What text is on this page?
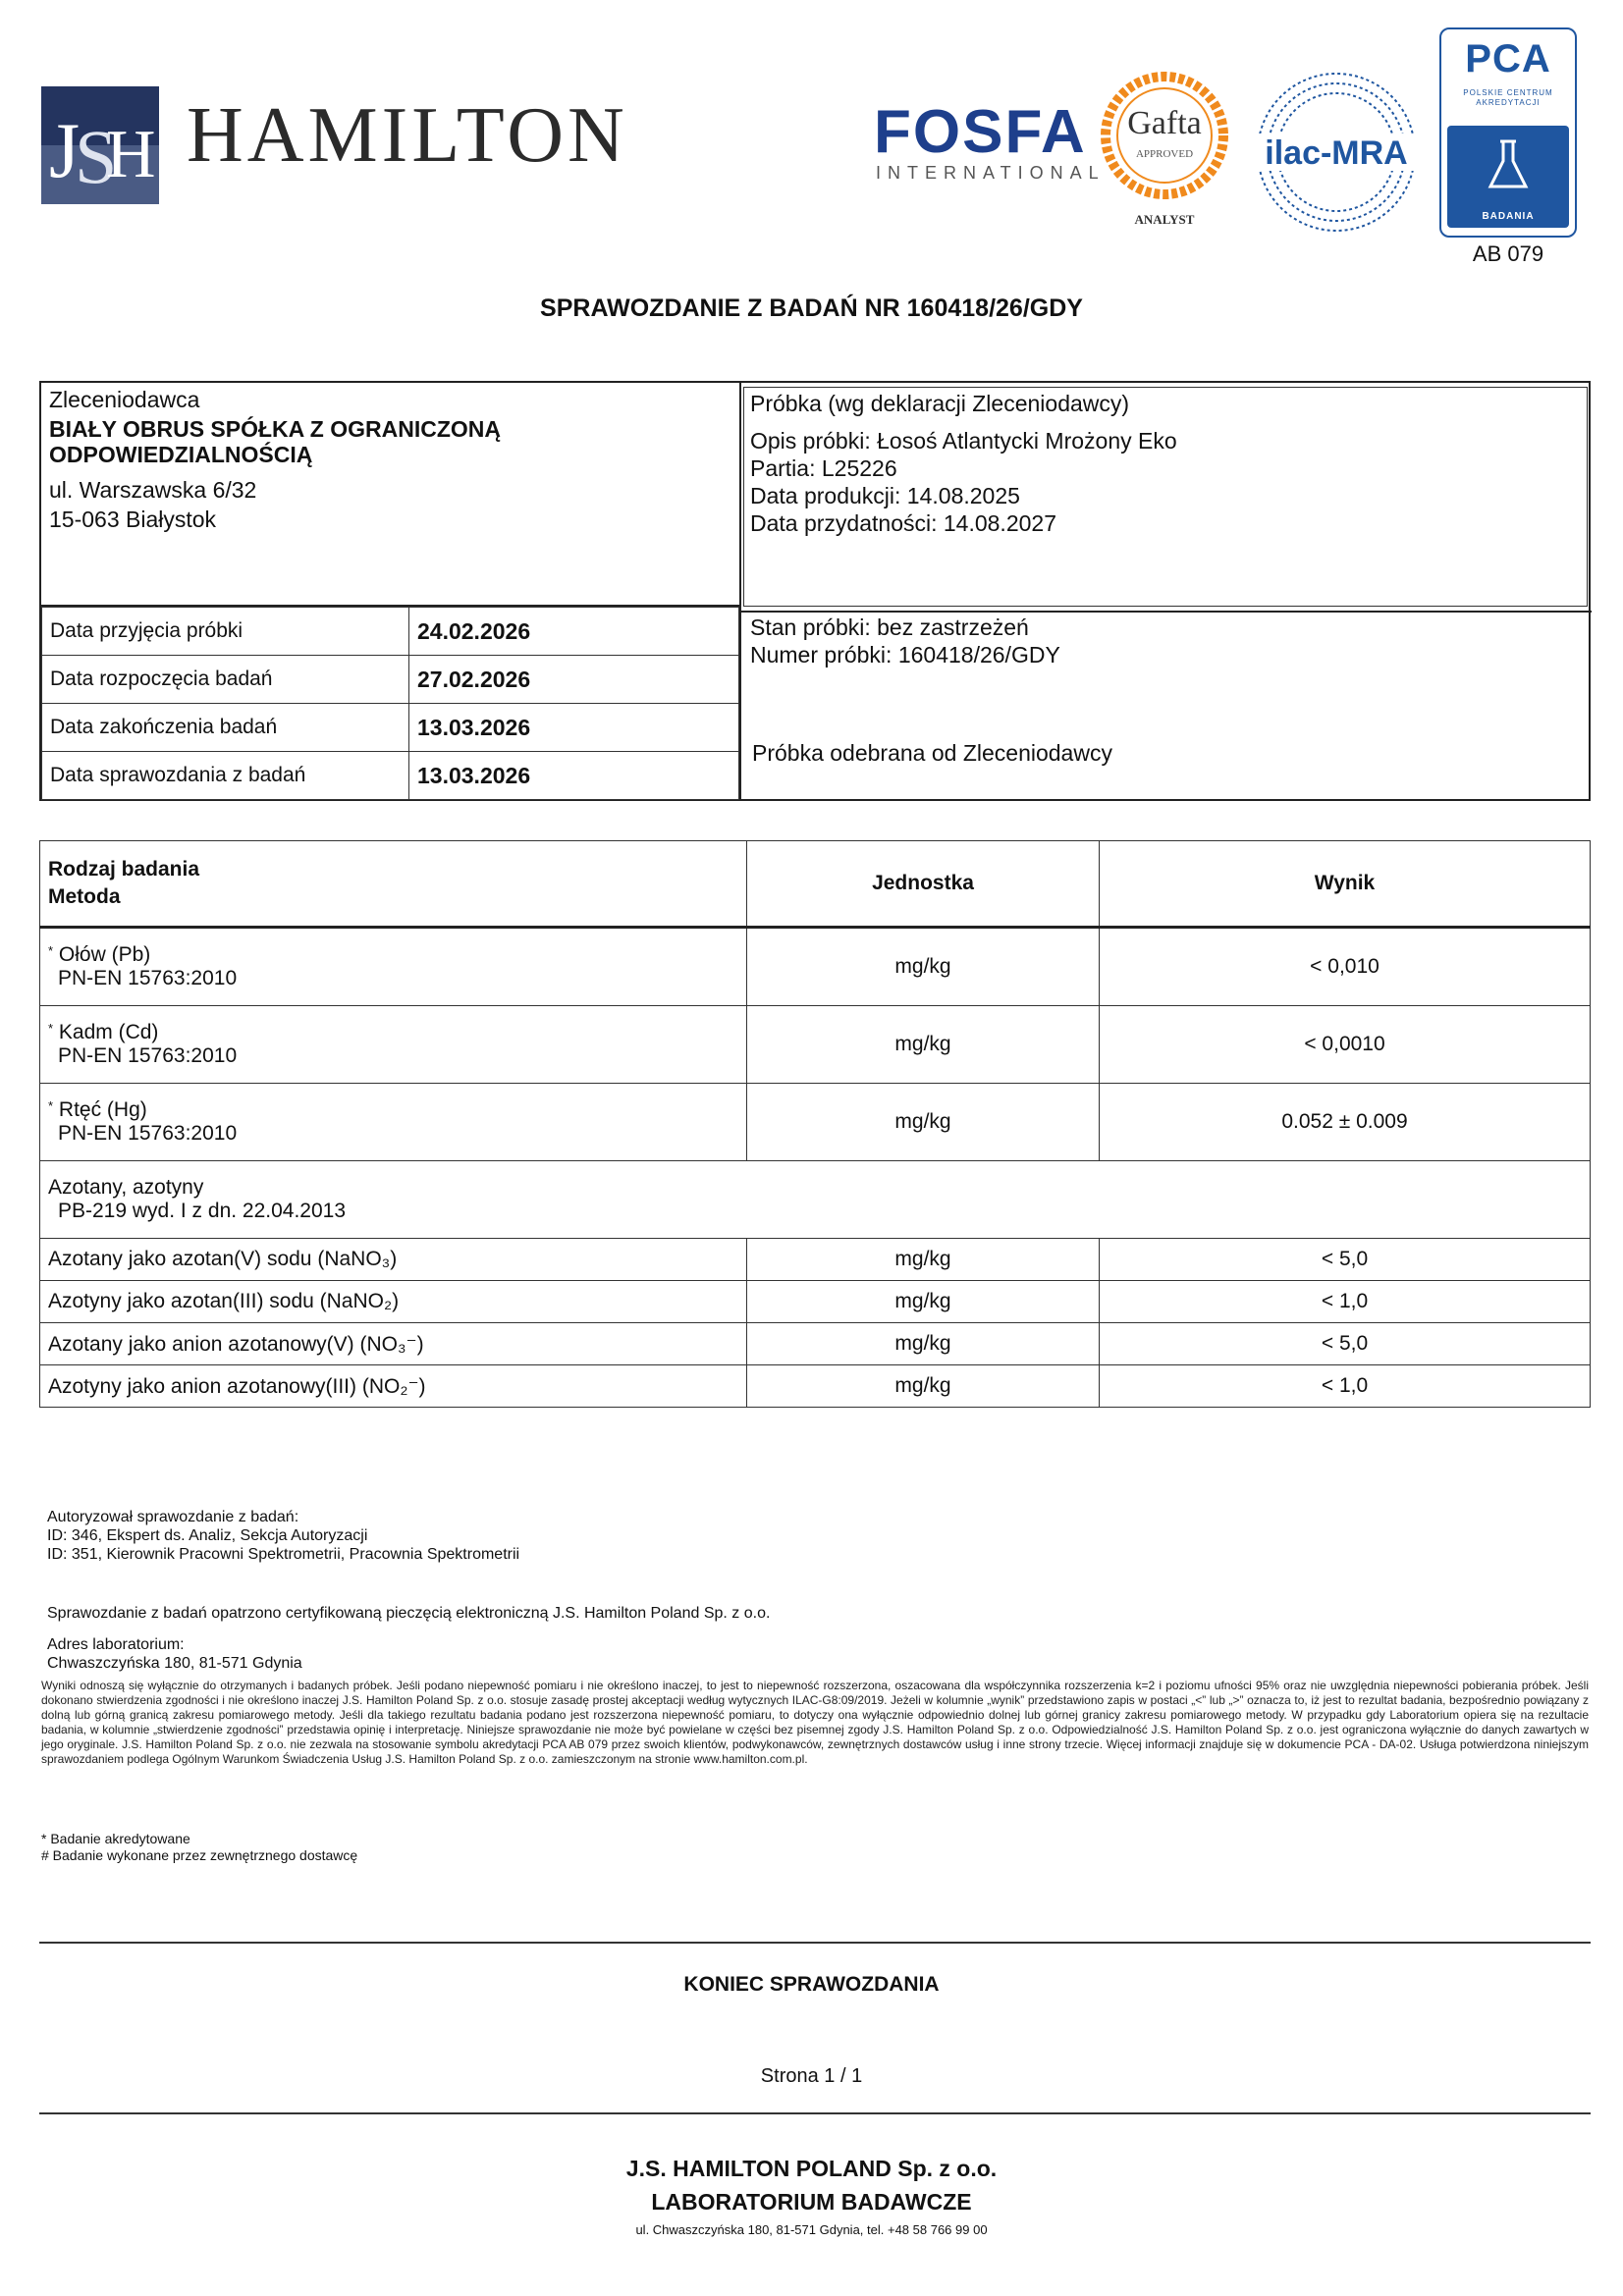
J
S
H HAMILTON	FOSFA
INTERNATIONAL
Gafta
APPROVED
ANALYST
ilac-MRA
PCA
POLSKIE CENTRUM
AKREDYTACJI
BADANIA
AB 079
SPRAWOZDANIE Z BADAŃ NR 160418/26/GDY
Zleceniodawca
BIAŁY OBRUS SPÓŁKA Z OGRANICZONĄ
ODPOWIEDZIALNOŚCIĄ
ul. Warszawska 6/32
15-063 Białystok
Próbka (wg deklaracji Zleceniodawcy)
Opis próbki: Łosoś Atlantycki Mrożony Eko
Partia: L25226
Data produkcji: 14.08.2025
Data przydatności: 14.08.2027
Stan próbki: bez zastrzeżeń
Numer próbki: 160418/26/GDY
Próbka odebrana od Zleceniodawcy
Data przyjęcia próbki	24.02.2026
Data rozpoczęcia badań	27.02.2026
Data zakończenia badań	13.03.2026
Data sprawozdania z badań	13.03.2026
Rodzaj badania
Metoda	Jednostka	Wynik
* Ołów (Pb)
PN-EN 15763:2010	mg/kg	< 0,010
* Kadm (Cd)
PN-EN 15763:2010	mg/kg	< 0,0010
* Rtęć (Hg)
PN-EN 15763:2010	mg/kg	0.052 ± 0.009
Azotany, azotyny
PB-219 wyd. I z dn. 22.04.2013		

Azotany jako azotan(V) sodu (NaNO₃)	mg/kg	< 5,0
Azotyny jako azotan(III) sodu (NaNO₂)	mg/kg	< 1,0
Azotany jako anion azotanowy(V) (NO₃⁻)	mg/kg	< 5,0
Azotyny jako anion azotanowy(III) (NO₂⁻)	mg/kg	< 1,0
Autoryzował sprawozdanie z badań:
ID: 346, Ekspert ds. Analiz, Sekcja Autoryzacji
ID: 351, Kierownik Pracowni Spektrometrii, Pracownia Spektrometrii
Sprawozdanie z badań opatrzono certyfikowaną pieczęcią elektroniczną J.S. Hamilton Poland Sp. z o.o.
Adres laboratorium:
Chwaszczyńska 180, 81-571 Gdynia
Wyniki odnoszą się wyłącznie do otrzymanych i badanych próbek. Jeśli podano niepewność pomiaru i nie określono inaczej, to jest to niepewność rozszerzona, oszacowana dla współczynnika rozszerzenia k=2 i poziomu ufności 95% oraz nie uwzględnia niepewności pobierania próbek. Jeśli dokonano stwierdzenia zgodności i nie określono inaczej J.S. Hamilton Poland Sp. z o.o. stosuje zasadę prostej akceptacji według wytycznych ILAC-G8:09/2019. Jeżeli w kolumnie „wynik” przedstawiono zapis w postaci „<” lub „>” oznacza to, iż jest to rezultat badania, bezpośrednio powiązany z dolną lub górną granicą zakresu pomiarowego metody. Jeśli dla takiego rezultatu badania podano jest rozszerzona niepewność pomiaru, to dotyczy ona wyłącznie odpowiednio dolnej lub górnej granicy zakresu pomiarowego metody. W przypadku gdy Laboratorium opiera się na rezultacie badania, w kolumnie „stwierdzenie zgodności” przedstawia opinię i interpretację. Niniejsze sprawozdanie nie może być powielane w części bez pisemnej zgody J.S. Hamilton Poland Sp. z o.o. Odpowiedzialność J.S. Hamilton Poland Sp. z o.o. jest ograniczona wyłącznie do danych zawartych w jego oryginale. J.S. Hamilton Poland Sp. z o.o. nie zezwala na stosowanie symbolu akredytacji PCA AB 079 przez swoich klientów, podwykonawców, zewnętrznych dostawców usług i inne strony trzecie. Więcej informacji znajduje się w dokumencie PCA - DA-02. Usługa potwierdzona niniejszym sprawozdaniem podlega Ogólnym Warunkom Świadczenia Usług J.S. Hamilton Poland Sp. z o.o. zamieszczonym na stronie www.hamilton.com.pl.
* Badanie akredytowane
# Badanie wykonane przez zewnętrznego dostawcę
KONIEC SPRAWOZDANIA
Strona 1 / 1
J.S. HAMILTON POLAND Sp. z o.o.
LABORATORIUM BADAWCZE
ul. Chwaszczyńska 180, 81-571 Gdynia, tel. +48 58 766 99 00
